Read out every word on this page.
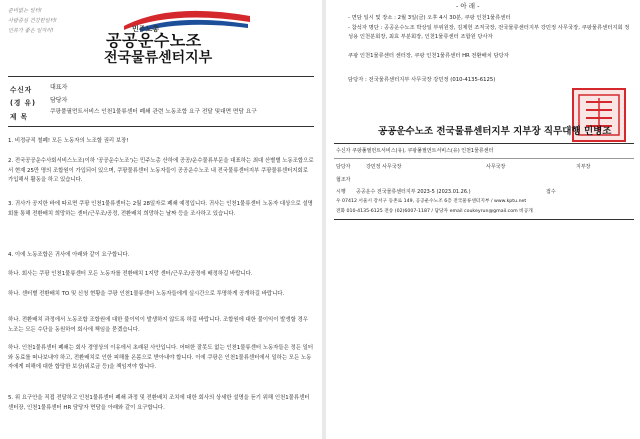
준비없는 일터!
사람중심 건강한일터!
인류가 좋은 일자리!	민주노총
공공운수노조
전국물류센터지부
수신자	대표자
(경 유) 담당자
제 목
쿠팡풀필먼트서비스 인천1물류센터 폐쇄 관련 노동조합 요구 전달 및대면 면담 요구
1. 비정규직 철폐! 모든 노동자의 노조할 권리 보장!
2. 전국공공운수사회서비스노조(이하 '공공운수노조')는 민주노총 산하에 공공/운수물류부문을 대표하는 최대 산별별 노동조합으로서 현재 25만 명의 조합원이 가입되어 있으며, 쿠팡물류센터 노동자들이 공공운수노조 내 전국물류센터지부 쿠팡물류센터지회로 가입해서 활동을 하고 있습니다.
3. 귀사가 공지한 바에 따르면 쿠팡 인천1물류센터는 2월 28일자로 폐쇄 예정입니다. 귀사는 인천1물류센터 노동자 대상으로 설명회를 통해 전환배치 희망하는 센터/근무조/공정, 전환배치 희망하는 날짜 등을 조사하고 있습니다.
4. 이에 노동조합은 귀사에 아래와 같이 요구합니다.
하나. 회사는 쿠팡 인천1물류센터 모든 노동자를 전환배치 1지망 센터/근무조/공정에 배정하길 바랍니다.
하나. 센터별 전환배치 TO 및 신청 현황을 쿠팡 인천1물류센터 노동자들에게 실시간으로 투명하게 공개하길 바랍니다.
하나. 전환배치 과정에서 노동조합 조합원에 대한 불이익이 발생하지 않도록 하길 바랍니다. 조합원에 대한 불이익이 발생할 경우 노조는 모든 수단을 동원하여 회사에 책임을 묻겠습니다.
하나. 인천1물류센터 폐쇄는 회사 경영상의 이유에서 초래된 사안입니다. 어떠한 잘못도 없는 인천1물류센터 노동자들은 정든 일터와 동료를 떠나보내야 하고, 전환배치로 인한 피해를 온몸으로 받아내야 합니다. 이에 쿠팡은 인천1물류센터에서 일하는 모든 노동자에게 피해에 대한 합당한 보상(위로금 등)을 책임져야 합니다.
5. 위 요구안을 직접 전달하고 인천1물류센터 폐쇄 과정 및 전환배치 조치에 대한 회사의 상세한 설명을 듣기 위해 인천1물류센터 센터장, 인천1물류센터 HR 담당자 면담을 아래와 같이 요구합니다.
- 아 래 -
- 면담 일시 및 장소 : 2월 3일(금) 오후 4시 30분, 쿠팡 인천1물류센터
- 참석자 명단 : 공공운수노조 박상일 부위원장, 김제헌 조직국장, 전국물류센터지부 강민정 사무국장, 쿠팡물류센터지회 정성용 인천분회장, 최효 부분회장, 인천1물류센터 조합원 당사자
쿠팡 인천1물류센터 센터장, 쿠팡 인천1물류센터 HR 전환배치 담당자
담당자 : 전국물류센터지부 사무국장 강민정 (010-4135-6125)
공공운수노조 전국물류센터지부 지부장 직무대행 민병조
수신자 쿠팡풀필먼트서비스(유), 쿠팡풀필먼트서비스(유) 인천1물류센터
담당자	강민정 사무국장	사무국장	지부장
협조자
시행 공공운수 전국물류센터지부 2023-5 (2023.01.26.)	접수
우 07412 서울시 강서구 등촌로 149, 공공운수노조 6층 전국물류센터지부 / www.kptu.net
전화 010-4135-6125 전송 (02)6007-1187 / 담당자 email coukeyrun@gmail.com 비공개
